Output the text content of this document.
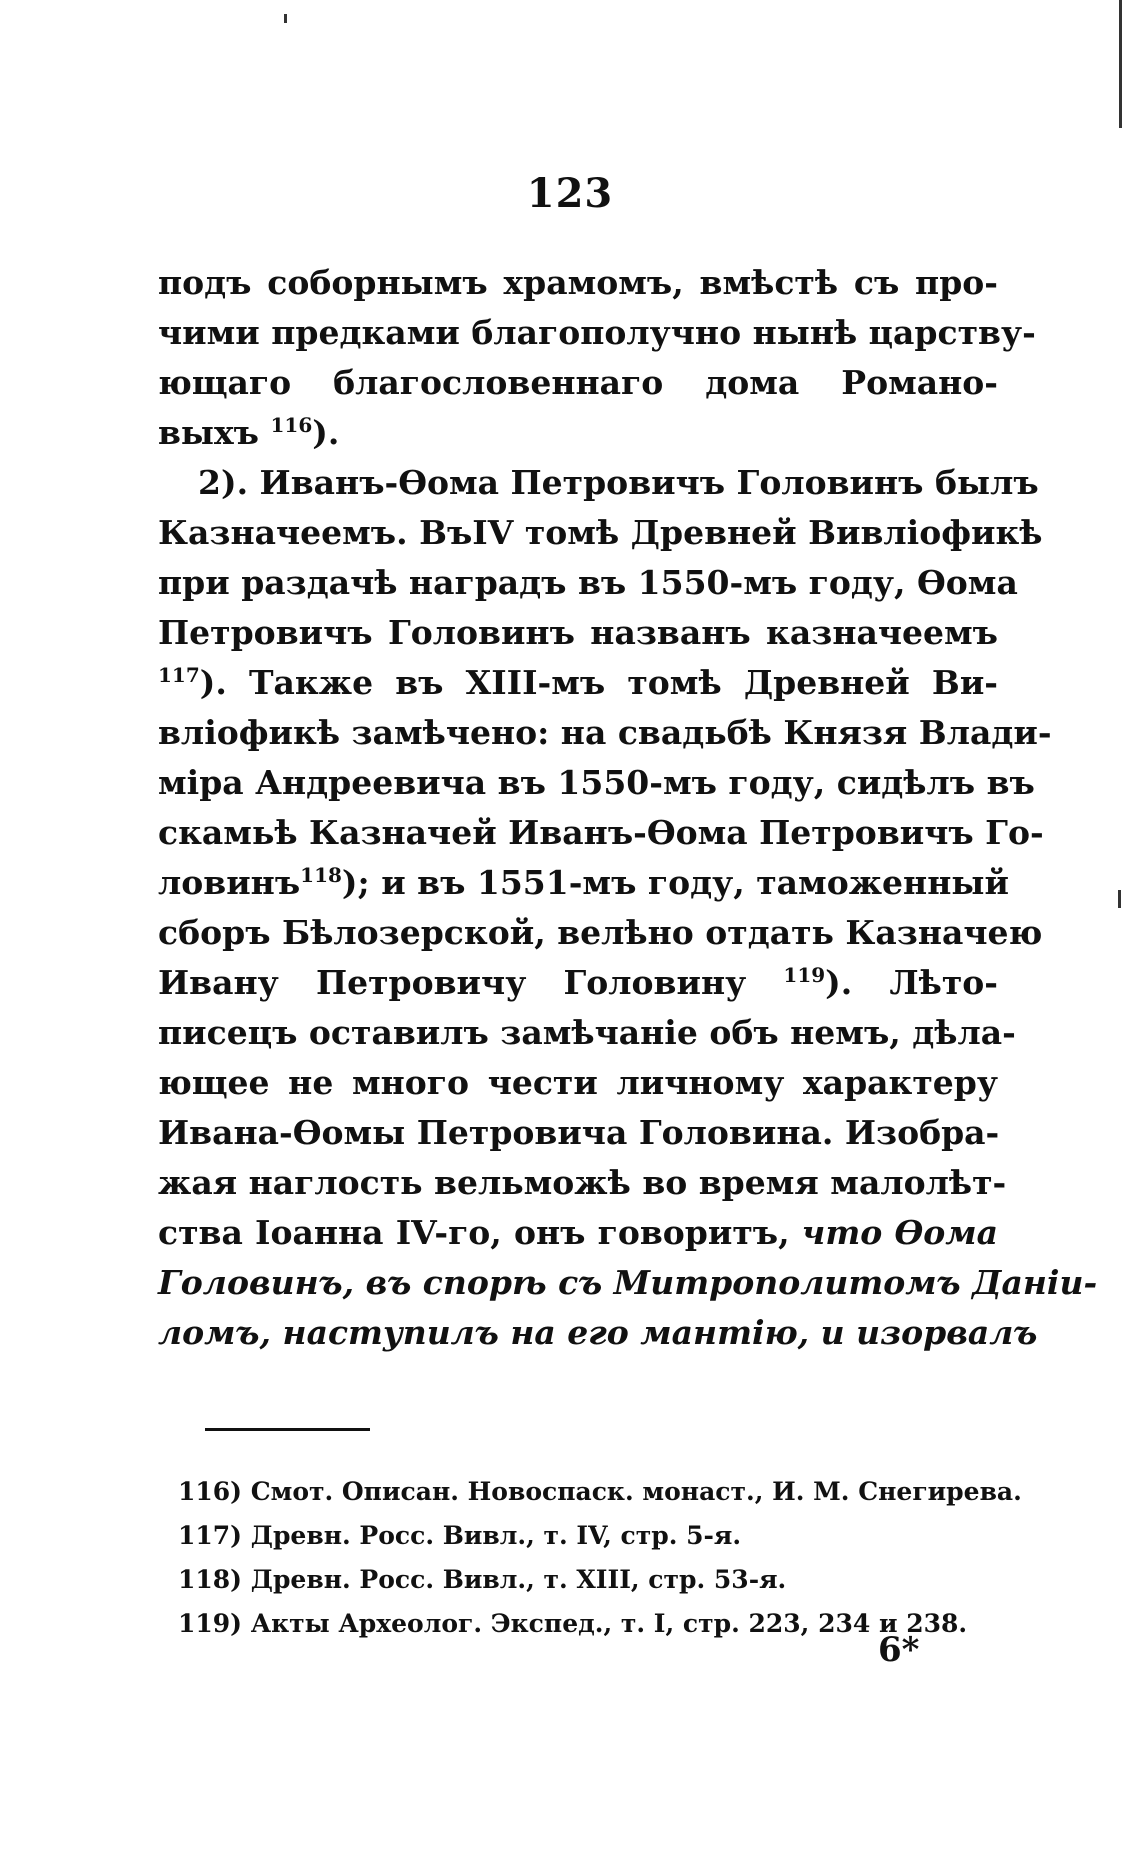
123
подъ соборнымъ храмомъ, вмѣстѣ съ про-
чими предками благополучно нынѣ царству-
ющаго благословеннаго дома Романо-
выхъ $^{116}$).
2). Иванъ-Ѳома Петровичъ Головинъ былъ
Казначеемъ. ВъIV томѣ Древней Вивліофикѣ
при раздачѣ наградъ въ 1550-мъ году, Ѳома
Петровичъ Головинъ названъ казначеемъ
$^{117}$). Также въ XIII-мъ томѣ Древней Ви-
вліофикѣ замѣчено: на свадьбѣ Князя Влади-
міра Андреевича въ 1550-мъ году, сидѣлъ въ
скамьѣ Казначей Иванъ-Ѳома Петровичъ Го-
ловинъ$^{118}$); и въ 1551-мъ году, таможенный
сборъ Бѣлозерской, велѣно отдать Казначею
Ивану Петровичу Головину $^{119}$). Лѣто-
писецъ оставилъ замѣчаніе объ немъ, дѣла-
ющее не много чести личному характеру
Ивана-Ѳомы Петровича Головина. Изобра-
жая наглость вельможѣ во время малолѣт-
ства Іоанна IV-го, онъ говоритъ, что Ѳома
Головинъ, въ спорѣ съ Митрополитомъ Даніи-
ломъ, наступилъ на его мантію, и изорвалъ
116) Смот. Описан. Новоспаск. монаст., И. М. Снегирева.
117) Древн. Росс. Вивл., т. IV, стр. 5-я.
118) Древн. Росс. Вивл., т. XIII, стр. 53-я.
119) Акты Археолог. Экспед., т. I, стр. 223, 234 и 238.
6*
